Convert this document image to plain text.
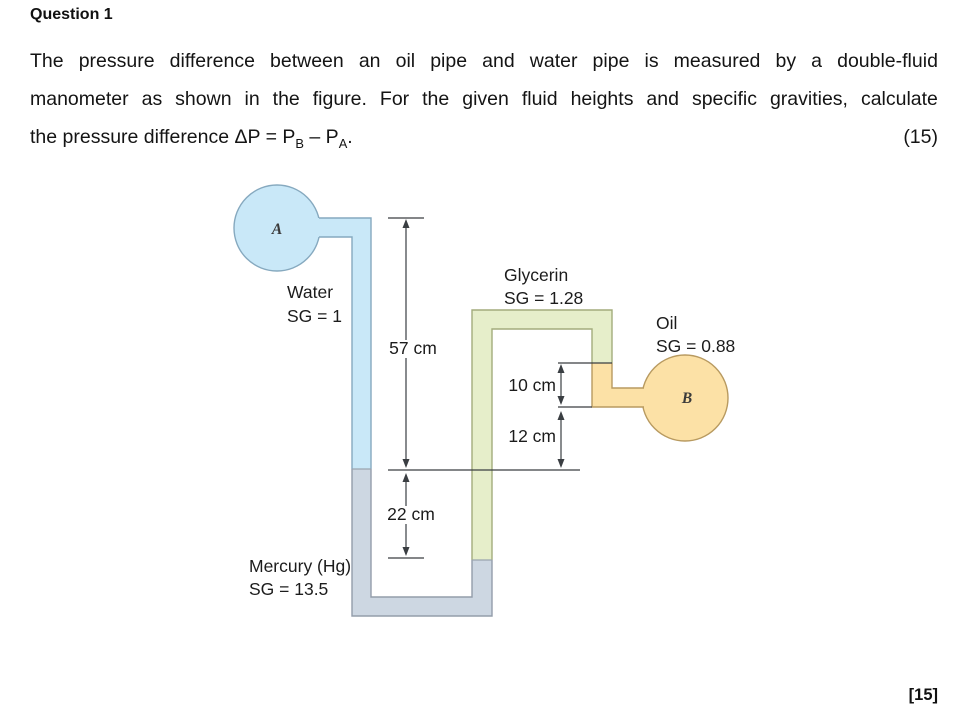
Question 1
The pressure difference between an oil pipe and water pipe is measured by a double-fluid
manometer as shown in the figure. For the given fluid heights and specific gravities, calculate
the pressure difference $\Delta P = P_B - P_A$.	(15)
Water
SG = 1
Glycerin
SG = 1.28
Oil
SG = 0.88
Mercury (Hg)
SG = 13.5
57 cm
10 cm
12 cm
22 cm
A
B
[15]
